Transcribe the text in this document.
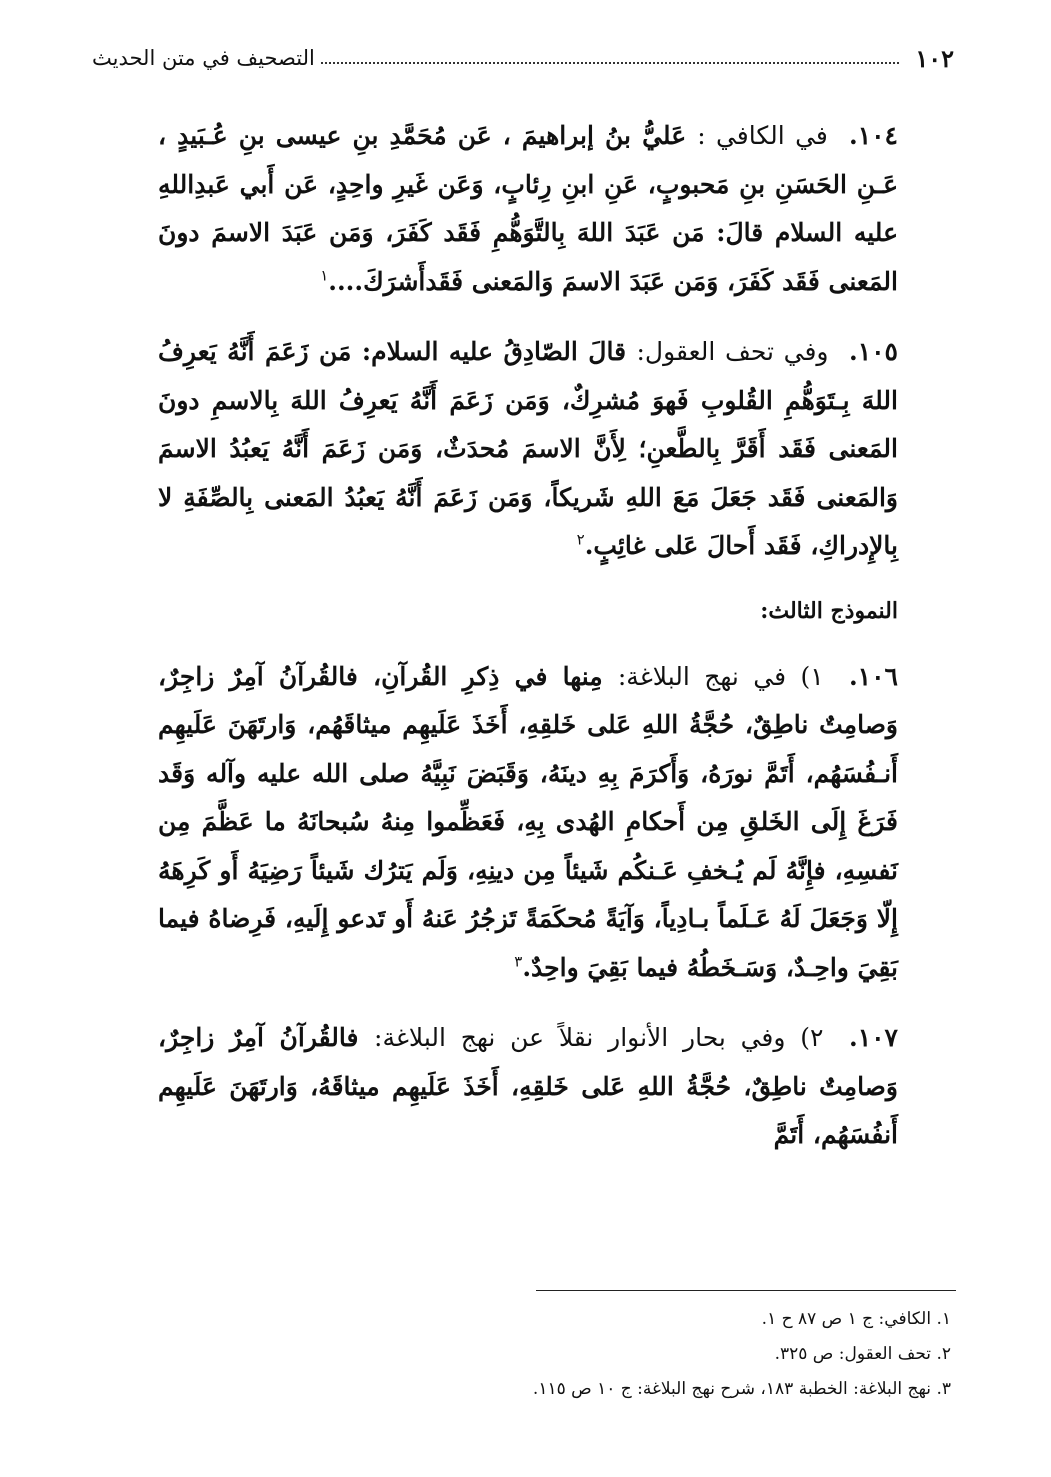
١٠٢
التصحيف في متن الحديث

١٠٤. في الكافي : عَليُّ بنُ إبراهيمَ ، عَن مُحَمَّدِ بنِ عيسى بنِ عُـبَيدٍ ، عَـنِ الحَسَنِ بنِ مَحبوبٍ، عَنِ ابنِ رِئابٍ، وَعَن غَيرِ واحِدٍ، عَن أَبي عَبدِاللهِ عليه السلام قالَ: مَن عَبَدَ اللهَ بِالتَّوَهُّمِ فَقَد كَفَرَ، وَمَن عَبَدَ الاسمَ دونَ المَعنى فَقَد كَفَرَ، وَمَن عَبَدَ الاسمَ وَالمَعنى فَقَدأَشرَكَ....$^١$

١٠٥. وفي تحف العقول: قالَ الصّادِقُ عليه السلام: مَن زَعَمَ أَنَّهُ يَعرِفُ اللهَ بِـتَوَهُّمِ القُلوبِ فَهوَ مُشرِكٌ، وَمَن زَعَمَ أَنَّهُ يَعرِفُ اللهَ بِالاسمِ دونَ المَعنى فَقَد أَقَرَّ بِالطَّعنِ؛ لِأَنَّ الاسمَ مُحدَثٌ، وَمَن زَعَمَ أَنَّهُ يَعبُدُ الاسمَ وَالمَعنى فَقَد جَعَلَ مَعَ اللهِ شَريكاً، وَمَن زَعَمَ أَنَّهُ يَعبُدُ المَعنى بِالصِّفَةِ لا بِالإِدراكِ، فَقَد أَحالَ عَلى غائِبٍ.$^٢$

النموذج الثالث:

١٠٦. ١) في نهج البلاغة: مِنها في ذِكرِ القُرآنِ، فالقُرآنُ آمِرٌ زاجِرٌ، وَصامِتٌ ناطِقٌ، حُجَّةُ اللهِ عَلى خَلقِهِ، أَخَذَ عَلَيهِم ميثاقَهُم، وَارتَهَنَ عَلَيهِم أَنـفُسَهُم، أَتَمَّ نورَهُ، وَأَكرَمَ بِهِ دينَهُ، وَقَبَضَ نَبِيَّهُ صلى الله عليه وآله وَقَد فَرَغَ إِلَى الخَلقِ مِن أَحكامِ الهُدى بِهِ، فَعَظِّموا مِنهُ سُبحانَهُ ما عَظَّمَ مِن نَفسِهِ، فإِنَّهُ لَم يُـخفِ عَـنكُم شَيئاً مِن دينِهِ، وَلَم يَترُك شَيئاً رَضِيَهُ أَو كَرِهَهُ إِلّا وَجَعَلَ لَهُ عَـلَماً بـادِياً، وَآيَةً مُحكَمَةً تَزجُرُ عَنهُ أَو تَدعو إِلَيهِ، فَرِضاهُ فيما بَقِيَ واحِـدٌ، وَسَـخَطُهُ فيما بَقِيَ واحِدٌ.$^٣$

١٠٧. ٢) وفي بحار الأنوار نقلاً عن نهج البلاغة: فالقُرآنُ آمِرٌ زاجِرٌ، وَصامِتٌ ناطِقٌ، حُجَّةُ اللهِ عَلى خَلقِهِ، أَخَذَ عَلَيهِم ميثاقَهُ، وَارتَهَنَ عَلَيهِم أَنفُسَهُم، أَتَمَّ

١. الكافي: ج ١ ص ٨٧ ح ١.

٢. تحف العقول: ص ٣٢٥.

٣. نهج البلاغة: الخطبة ١٨٣، شرح نهج البلاغة: ج ١٠ ص ١١٥.
